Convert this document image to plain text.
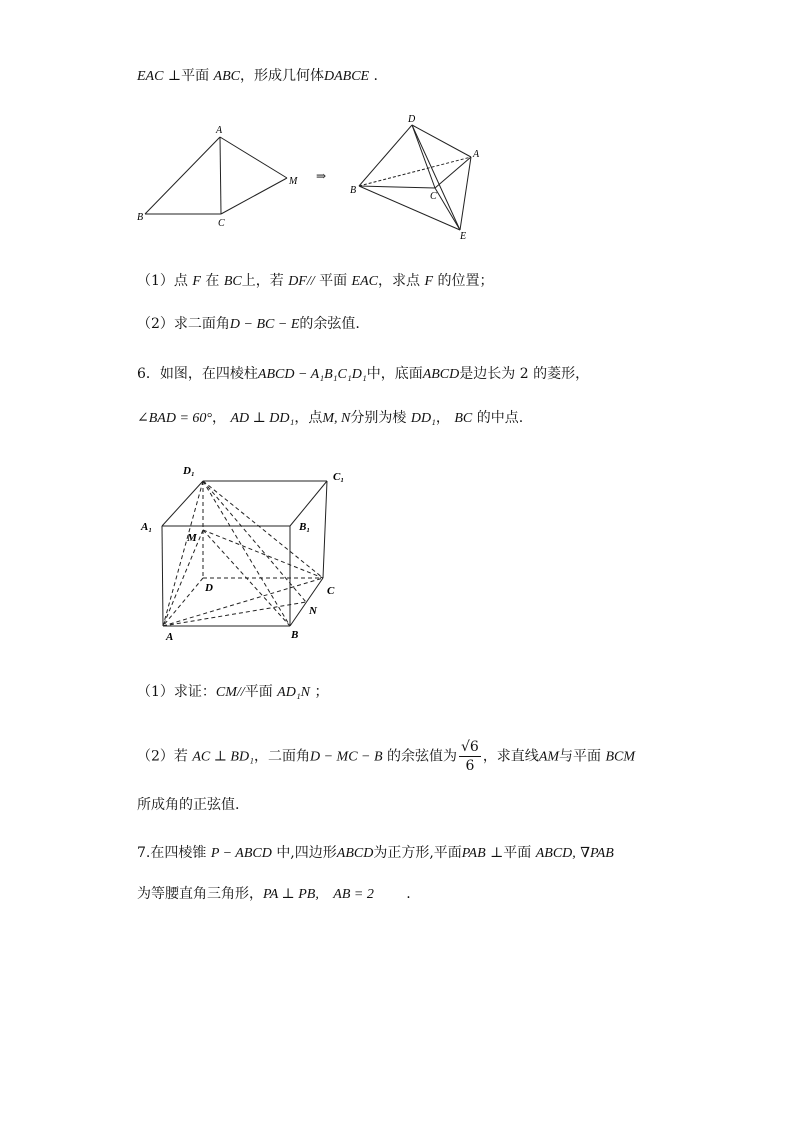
EAC ⊥平面 ABC，形成几何体DABCE .
A
B
C
M ⇒
D
A
B
C
E
（1）点 F 在 BC上，若 DF// 平面 EAC，求点 F 的位置；
（2）求二面角D − BC − E的余弦值.
6．如图，在四棱柱ABCD − A₁B₁C₁D₁中，底面ABCD是边长为 2 的菱形，
∠BAD = 60°， AD ⊥ DD₁，点M, N分别为棱 DD₁， BC 的中点.
D₁	C₁
A₁	B₁
M
D	C
N
A	B
（1）求证：CM//平面 AD₁N ；
（2）若 AC ⊥ BD₁，二面角D − MC − B 的余弦值为 $\frac{√6}{6}$ ，求直线AM与平面 BCM
所成角的正弦值.
7.在四棱锥 P − ABCD 中,四边形ABCD为正方形,平面PAB ⊥平面 ABCD, ∇PAB
为等腰直角三角形，PA ⊥ PB, AB = 2 .
